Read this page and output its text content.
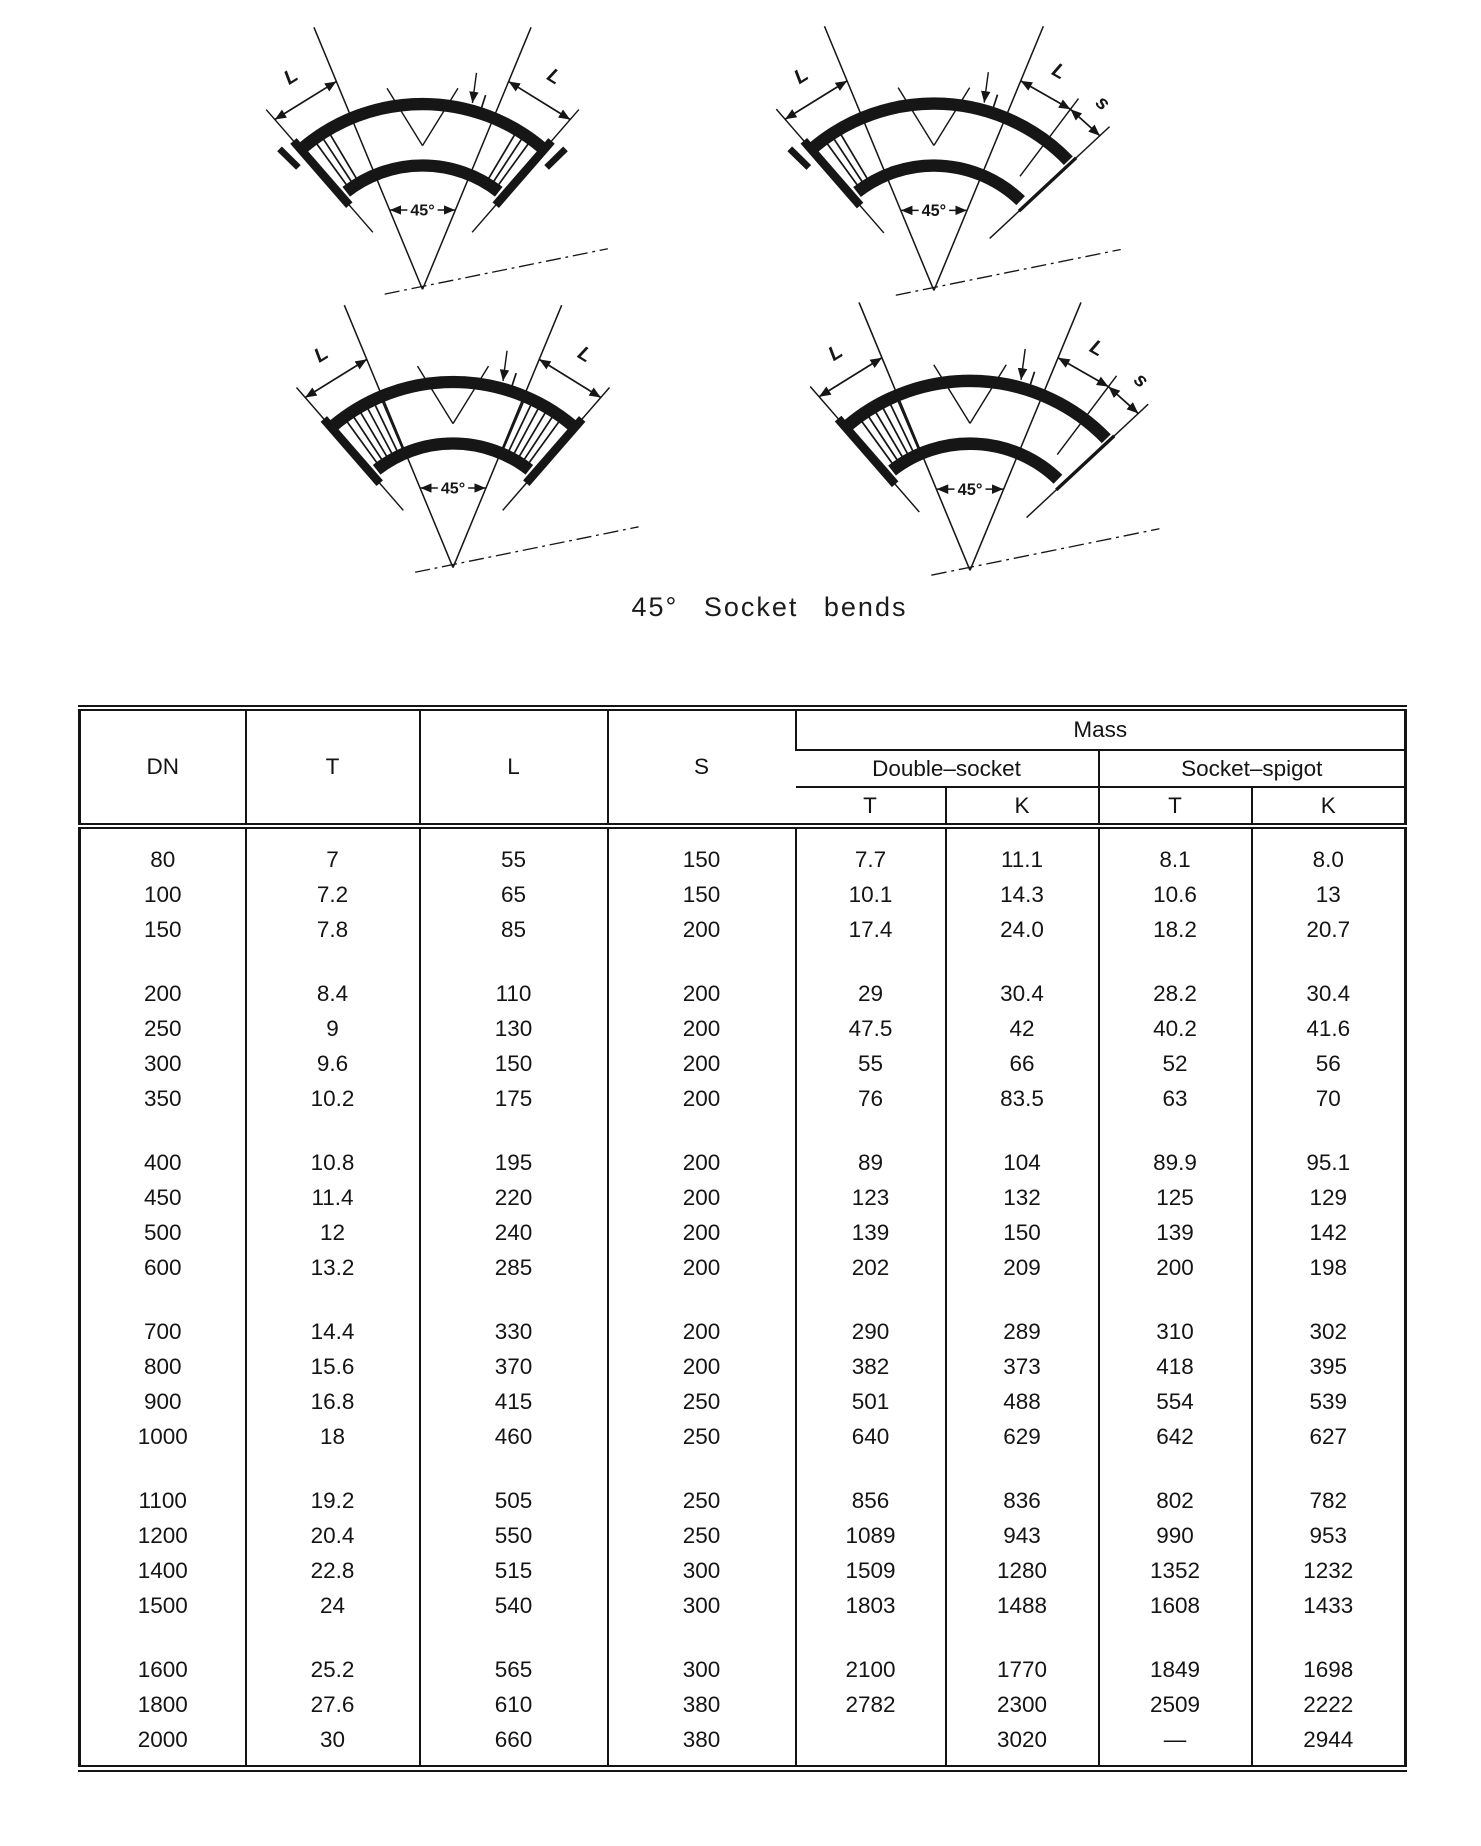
L	L
45°
L	L
s
45°
L	L
45°
L	L
s
45°
45° Socket bends
DN	T	L	S	Mass			
				Double–socket		Socket–spigot	
				T	K	T	K

80	7	55	150	7.7	11.1	8.1	8.0
100	7.2	65	150	10.1	14.3	10.6	13
150	7.8	85	200	17.4	24.0	18.2	20.7

200	8.4	110	200	29	30.4	28.2	30.4
250	9	130	200	47.5	42	40.2	41.6
300	9.6	150	200	55	66	52	56
350	10.2	175	200	76	83.5	63	70

400	10.8	195	200	89	104	89.9	95.1
450	11.4	220	200	123	132	125	129
500	12	240	200	139	150	139	142
600	13.2	285	200	202	209	200	198

700	14.4	330	200	290	289	310	302
800	15.6	370	200	382	373	418	395
900	16.8	415	250	501	488	554	539
1000	18	460	250	640	629	642	627

1100	19.2	505	250	856	836	802	782
1200	20.4	550	250	1089	943	990	953
1400	22.8	515	300	1509	1280	1352	1232
1500	24	540	300	1803	1488	1608	1433

1600	25.2	565	300	2100	1770	1849	1698
1800	27.6	610	380	2782	2300	2509	2222
2000	30	660	380		3020	—	2944
